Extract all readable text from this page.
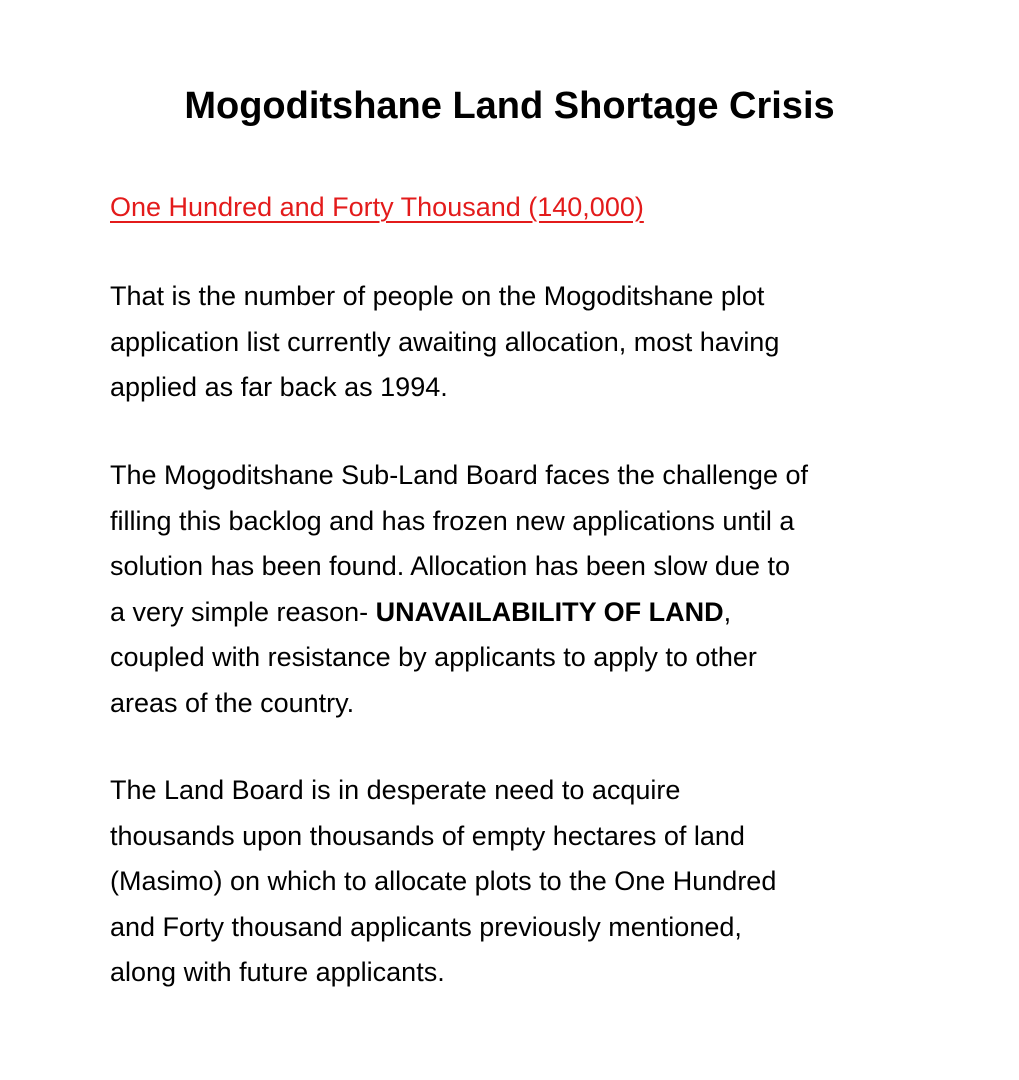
Mogoditshane Land Shortage Crisis

One Hundred and Forty Thousand (140,000)

That is the number of people on the Mogoditshane plot
application list currently awaiting allocation, most having
applied as far back as 1994.

The Mogoditshane Sub-Land Board faces the challenge of
filling this backlog and has frozen new applications until a
solution has been found. Allocation has been slow due to
a very simple reason- UNAVAILABILITY OF LAND,
coupled with resistance by applicants to apply to other
areas of the country.

The Land Board is in desperate need to acquire
thousands upon thousands of empty hectares of land
(Masimo) on which to allocate plots to the One Hundred
and Forty thousand applicants previously mentioned,
along with future applicants.
